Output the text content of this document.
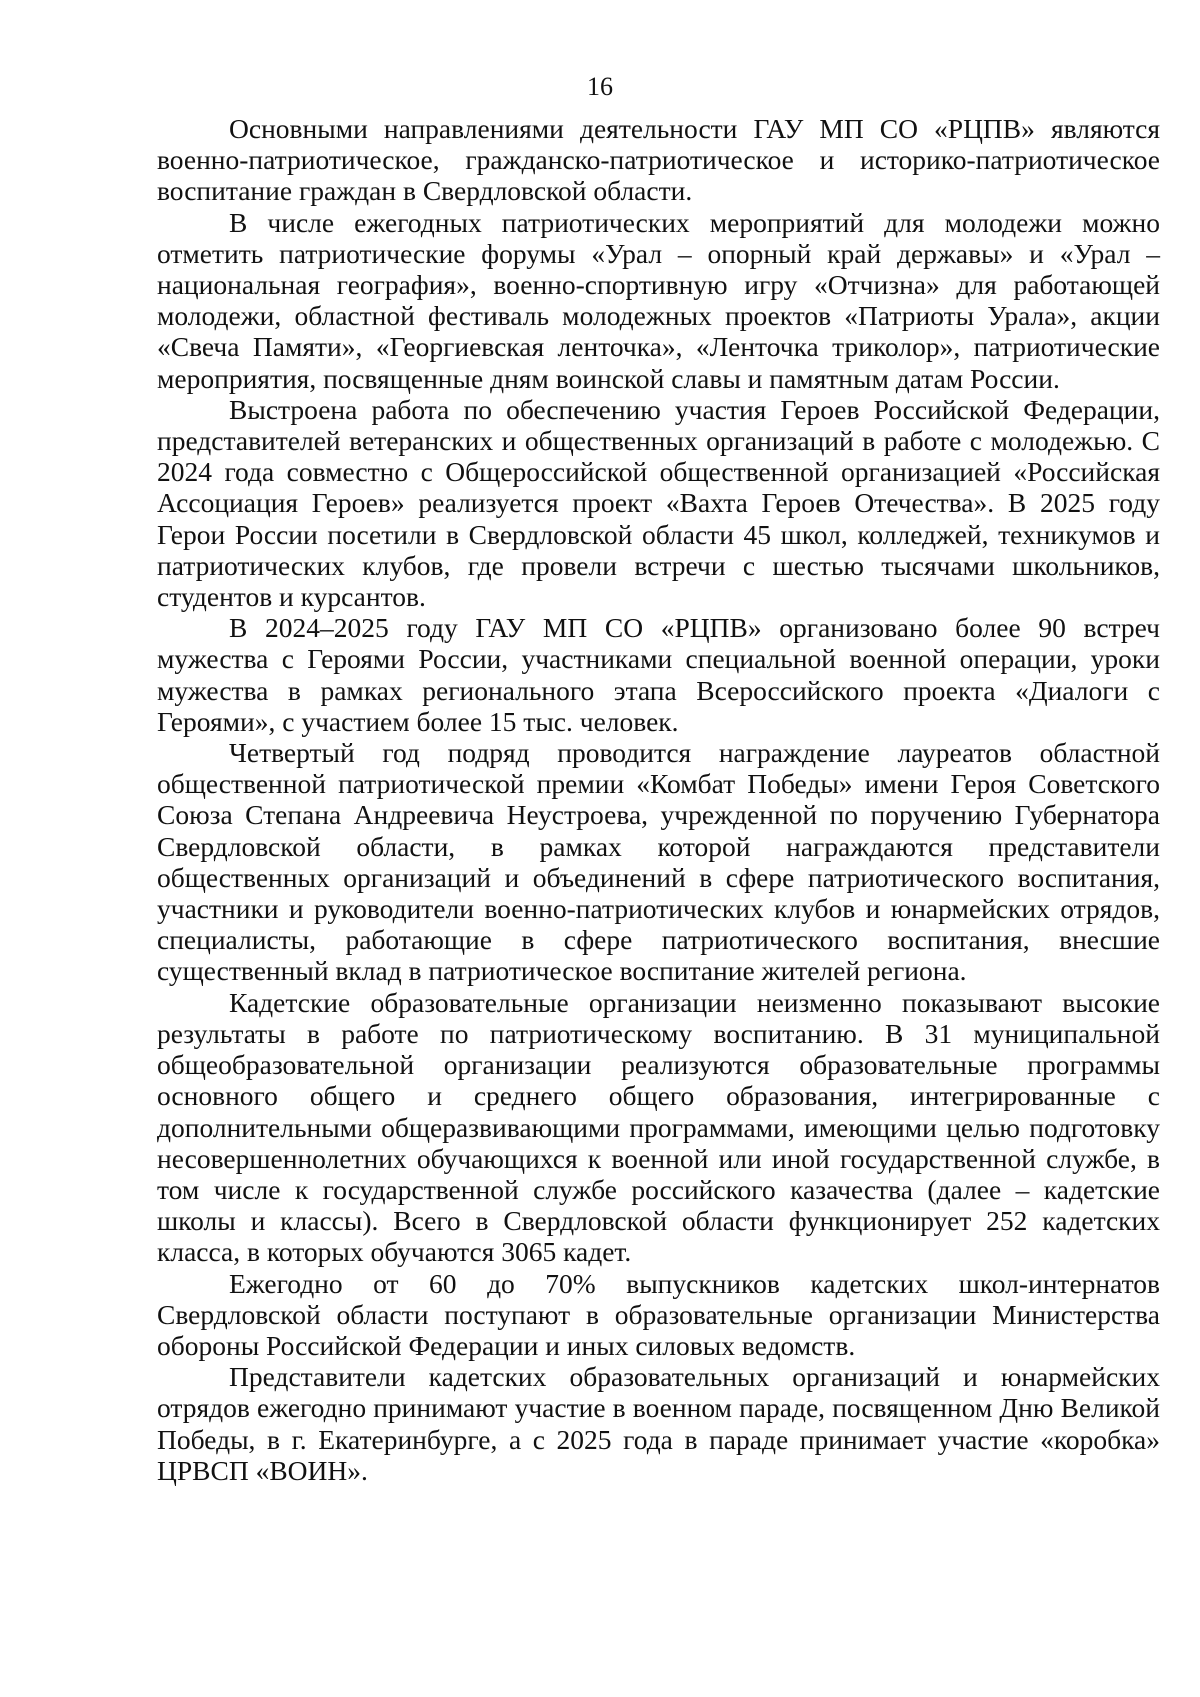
16

Основными направлениями деятельности ГАУ МП СО «РЦПВ» являются военно-патриотическое, гражданско-патриотическое и историко-патриотическое воспитание граждан в Свердловской области.

В числе ежегодных патриотических мероприятий для молодежи можно отметить патриотические форумы «Урал – опорный край державы» и «Урал – национальная география», военно-спортивную игру «Отчизна» для работающей молодежи, областной фестиваль молодежных проектов «Патриоты Урала», акции «Свеча Памяти», «Георгиевская ленточка», «Ленточка триколор», патриотические мероприятия, посвященные дням воинской славы и памятным датам России.

Выстроена работа по обеспечению участия Героев Российской Федерации, представителей ветеранских и общественных организаций в работе с молодежью. С 2024 года совместно с Общероссийской общественной организацией «Российская Ассоциация Героев» реализуется проект «Вахта Героев Отечества». В 2025 году Герои России посетили в Свердловской области 45 школ, колледжей, техникумов и патриотических клубов, где провели встречи с шестью тысячами школьников, студентов и курсантов.

В 2024–2025 году ГАУ МП СО «РЦПВ» организовано более 90 встреч мужества с Героями России, участниками специальной военной операции, уроки мужества в рамках регионального этапа Всероссийского проекта «Диалоги с Героями», с участием более 15 тыс. человек.

Четвертый год подряд проводится награждение лауреатов областной общественной патриотической премии «Комбат Победы» имени Героя Советского Союза Степана Андреевича Неустроева, учрежденной по поручению Губернатора Свердловской области, в рамках которой награждаются представители общественных организаций и объединений в сфере патриотического воспитания, участники и руководители военно-патриотических клубов и юнармейских отрядов, специалисты, работающие в сфере патриотического воспитания, внесшие существенный вклад в патриотическое воспитание жителей региона.

Кадетские образовательные организации неизменно показывают высокие результаты в работе по патриотическому воспитанию. В 31 муниципальной общеобразовательной организации реализуются образовательные программы основного общего и среднего общего образования, интегрированные с дополнительными общеразвивающими программами, имеющими целью подготовку несовершеннолетних обучающихся к военной или иной государственной службе, в том числе к государственной службе российского казачества (далее – кадетские школы и классы). Всего в Свердловской области функционирует 252 кадетских класса, в которых обучаются 3065 кадет.

Ежегодно от 60 до 70% выпускников кадетских школ-интернатов Свердловской области поступают в образовательные организации Министерства обороны Российской Федерации и иных силовых ведомств.

Представители кадетских образовательных организаций и юнармейских отрядов ежегодно принимают участие в военном параде, посвященном Дню Великой Победы, в г. Екатеринбурге, а с 2025 года в параде принимает участие «коробка» ЦРВСП «ВОИН».
